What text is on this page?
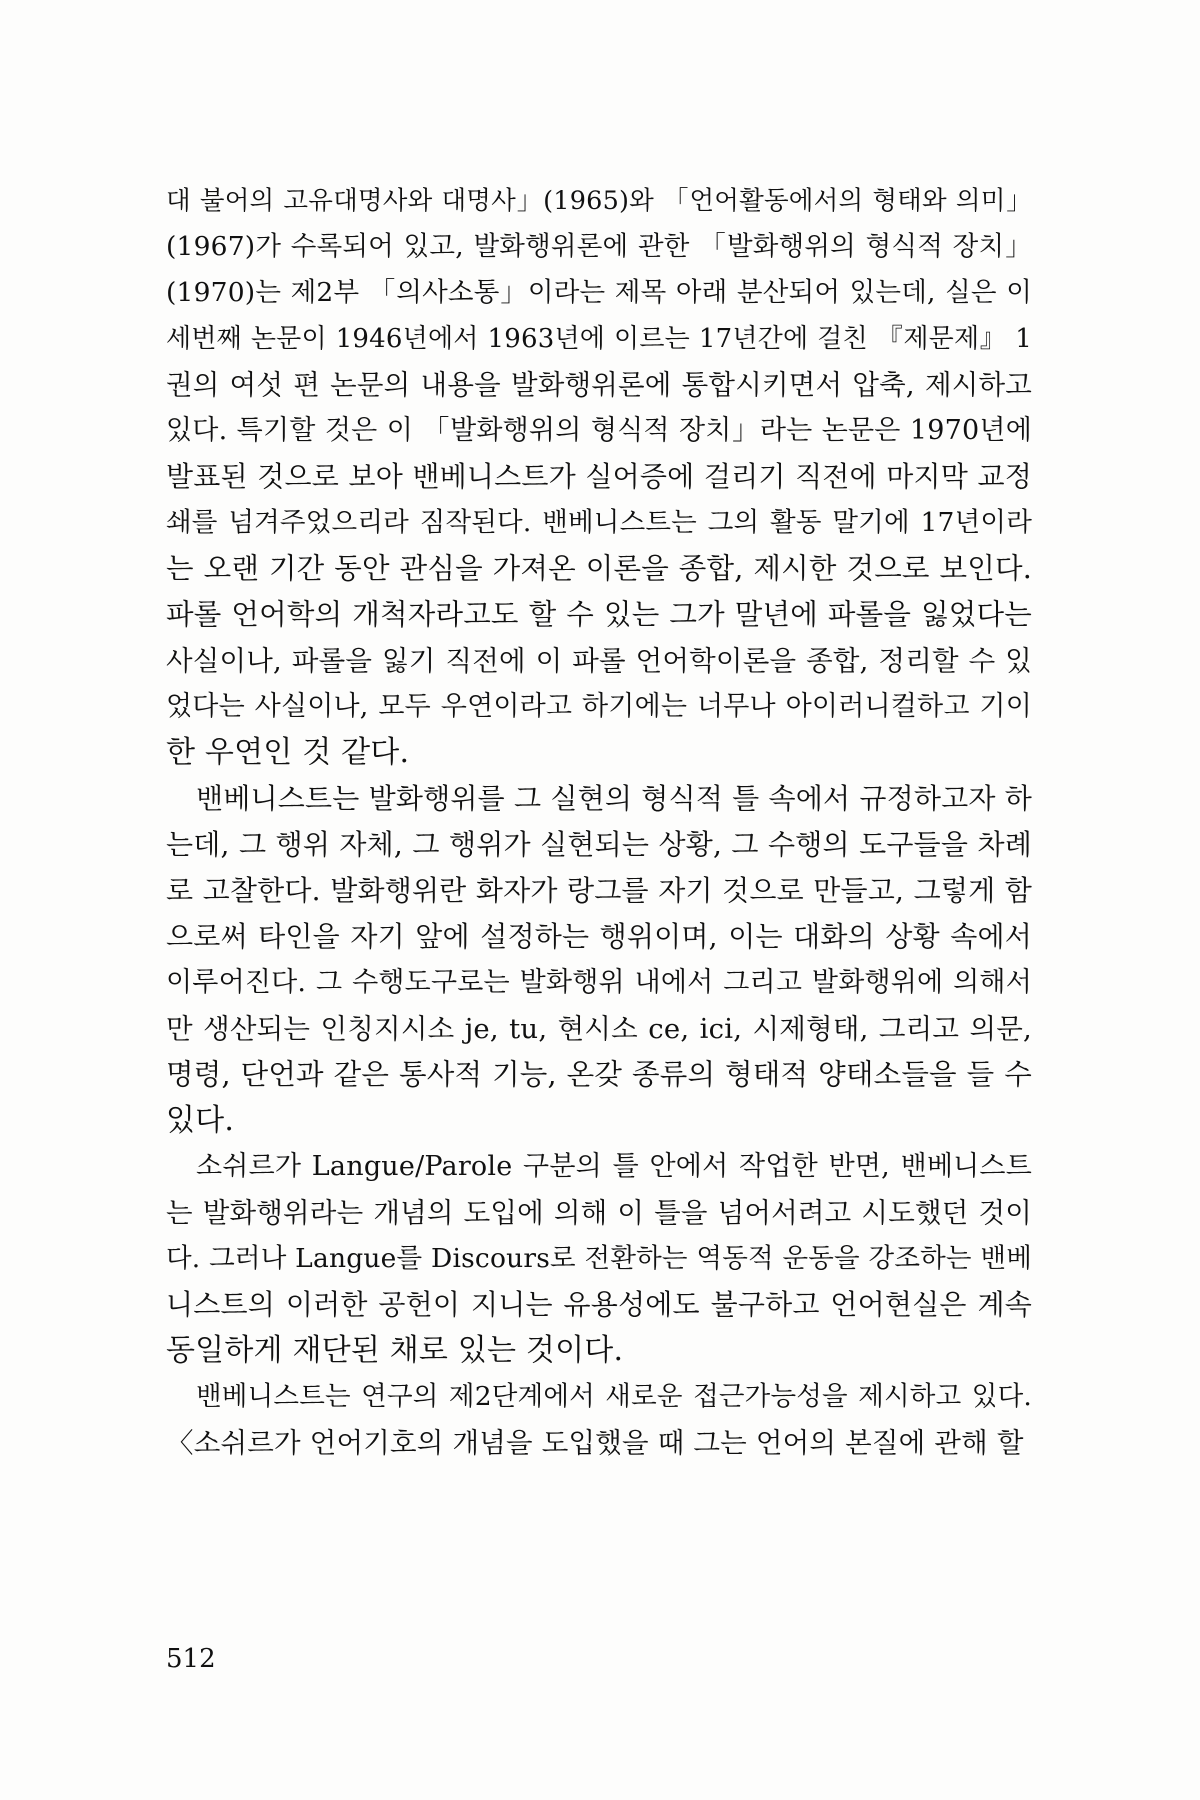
대 불어의 고유대명사와 대명사」(1965)와 「언어활동에서의 형태와 의미」
(1967)가 수록되어 있고, 발화행위론에 관한 「발화행위의 형식적 장치」
(1970)는 제2부 「의사소통」이라는 제목 아래 분산되어 있는데, 실은 이
세번째 논문이 1946년에서 1963년에 이르는 17년간에 걸친 『제문제』 1
권의 여섯 편 논문의 내용을 발화행위론에 통합시키면서 압축, 제시하고
있다. 특기할 것은 이 「발화행위의 형식적 장치」라는 논문은 1970년에
발표된 것으로 보아 밴베니스트가 실어증에 걸리기 직전에 마지막 교정
쇄를 넘겨주었으리라 짐작된다. 밴베니스트는 그의 활동 말기에 17년이라
는 오랜 기간 동안 관심을 가져온 이론을 종합, 제시한 것으로 보인다.
파롤 언어학의 개척자라고도 할 수 있는 그가 말년에 파롤을 잃었다는
사실이나, 파롤을 잃기 직전에 이 파롤 언어학이론을 종합, 정리할 수 있
었다는 사실이나, 모두 우연이라고 하기에는 너무나 아이러니컬하고 기이
한 우연인 것 같다.
밴베니스트는 발화행위를 그 실현의 형식적 틀 속에서 규정하고자 하
는데, 그 행위 자체, 그 행위가 실현되는 상황, 그 수행의 도구들을 차례
로 고찰한다. 발화행위란 화자가 랑그를 자기 것으로 만들고, 그렇게 함
으로써 타인을 자기 앞에 설정하는 행위이며, 이는 대화의 상황 속에서
이루어진다. 그 수행도구로는 발화행위 내에서 그리고 발화행위에 의해서
만 생산되는 인칭지시소 je, tu, 현시소 ce, ici, 시제형태, 그리고 의문,
명령, 단언과 같은 통사적 기능, 온갖 종류의 형태적 양태소들을 들 수
있다.
소쉬르가 Langue/Parole 구분의 틀 안에서 작업한 반면, 밴베니스트
는 발화행위라는 개념의 도입에 의해 이 틀을 넘어서려고 시도했던 것이
다. 그러나 Langue를 Discours로 전환하는 역동적 운동을 강조하는 밴베
니스트의 이러한 공헌이 지니는 유용성에도 불구하고 언어현실은 계속
동일하게 재단된 채로 있는 것이다.
밴베니스트는 연구의 제2단계에서 새로운 접근가능성을 제시하고 있다.
〈소쉬르가 언어기호의 개념을 도입했을 때 그는 언어의 본질에 관해 할
512
